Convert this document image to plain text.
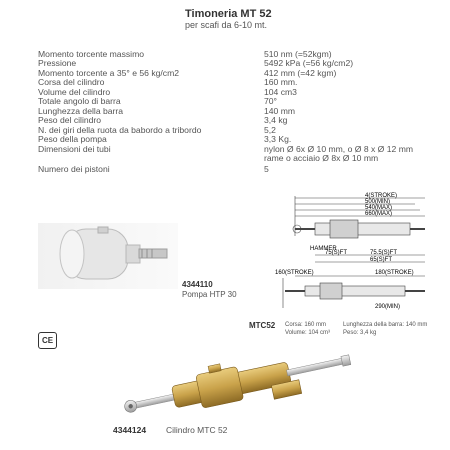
Timoneria MT 52
per scafi da 6-10 mt.
Momento torcente massimo	510 nm (=52kgm)
Pressione	5492 kPa (=56 kg/cm2)
Momento torcente a 35° e 56 kg/cm2	412 mm (=42 kgm)
Corsa del cilindro	160 mm.
Volume del cilindro	104 cm3
Totale angolo di barra	70°
Lunghezza della barra	140 mm
Peso del cilindro	3,4 kg
N. dei giri della ruota da babordo a tribordo	5,2
Peso della pompa	3,3 Kg.
Dimensioni dei tubi	nylon Ø 6x Ø 10 mm, o Ø 8 x Ø 12 mm
rame o acciaio Ø 8x Ø 10 mm
Numero dei pistoni	5
4344110
Pompa HTP 30
4(STROKE)
500(MIN)
540(MAX)
660(MAX)
75(S)FT	75.5(S)FT
65(S)FT
HAMMER
160(STROKE)	180(STROKE)
290(MIN)
MTC52 Corsa: 160 mm
Volume: 104 cm³
Lunghezza della barra: 140 mm
Peso: 3,4 kg
CE
4344124 Cilindro MTC 52
